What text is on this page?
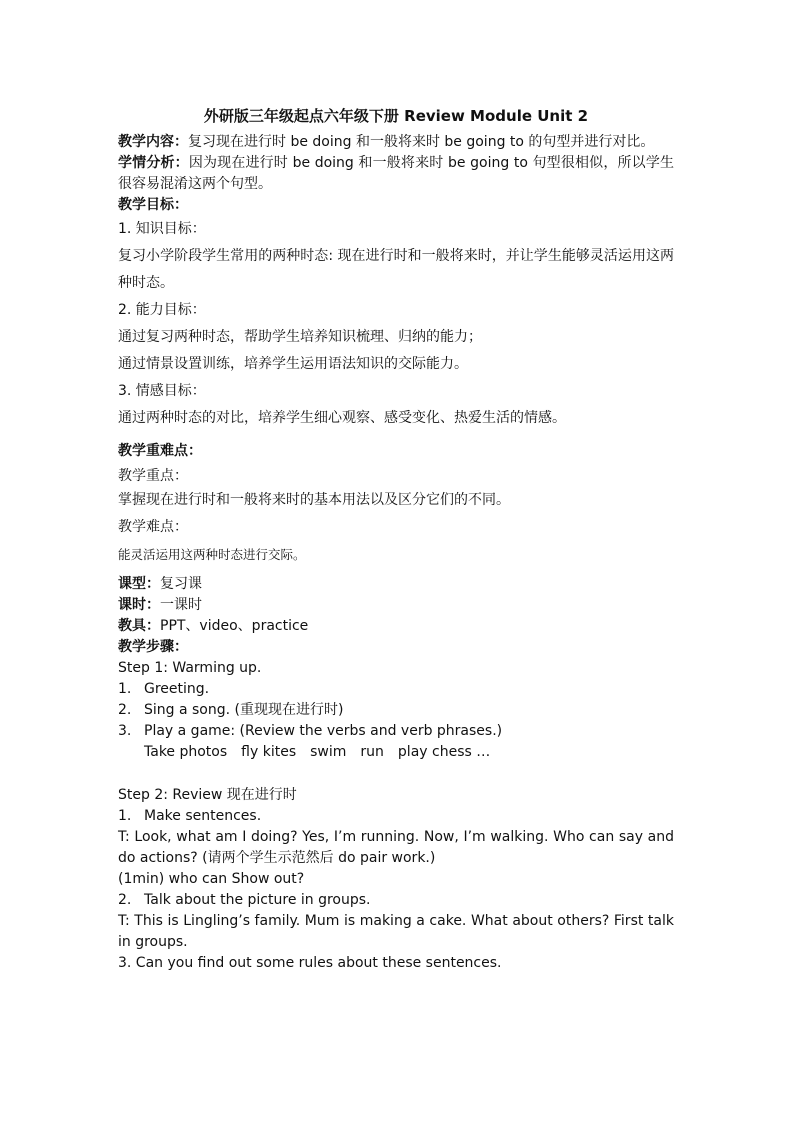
外研版三年级起点六年级下册 Review Module Unit 2
教学内容：复习现在进行时 be doing 和一般将来时 be going to 的句型并进行对比。
学情分析：因为现在进行时 be doing 和一般将来时 be going to 句型很相似，所以学生很容易混淆这两个句型。
教学目标：
1. 知识目标：
复习小学阶段学生常用的两种时态: 现在进行时和一般将来时，并让学生能够灵活运用这两种时态。
2. 能力目标：
通过复习两种时态，帮助学生培养知识梳理、归纳的能力；
通过情景设置训练，培养学生运用语法知识的交际能力。
3. 情感目标：
通过两种时态的对比，培养学生细心观察、感受变化、热爱生活的情感。
教学重难点：
教学重点：
掌握现在进行时和一般将来时的基本用法以及区分它们的不同。
教学难点：
能灵活运用这两种时态进行交际。
课型：复习课
课时：一课时
教具：PPT、video、practice
教学步骤：
Step 1: Warming up.
1. Greeting.
2. Sing a song. (重现现在进行时)
3. Play a game: (Review the verbs and verb phrases.)
Take photos fly kites swim run play chess …
Step 2: Review 现在进行时
1. Make sentences.
T: Look, what am I doing? Yes, I’m running. Now, I’m walking. Who can say and do actions? (请两个学生示范然后 do pair work.)
(1min) who can Show out?
2. Talk about the picture in groups.
T: This is Lingling’s family. Mum is making a cake. What about others? First talk in groups.
3. Can you find out some rules about these sentences.
